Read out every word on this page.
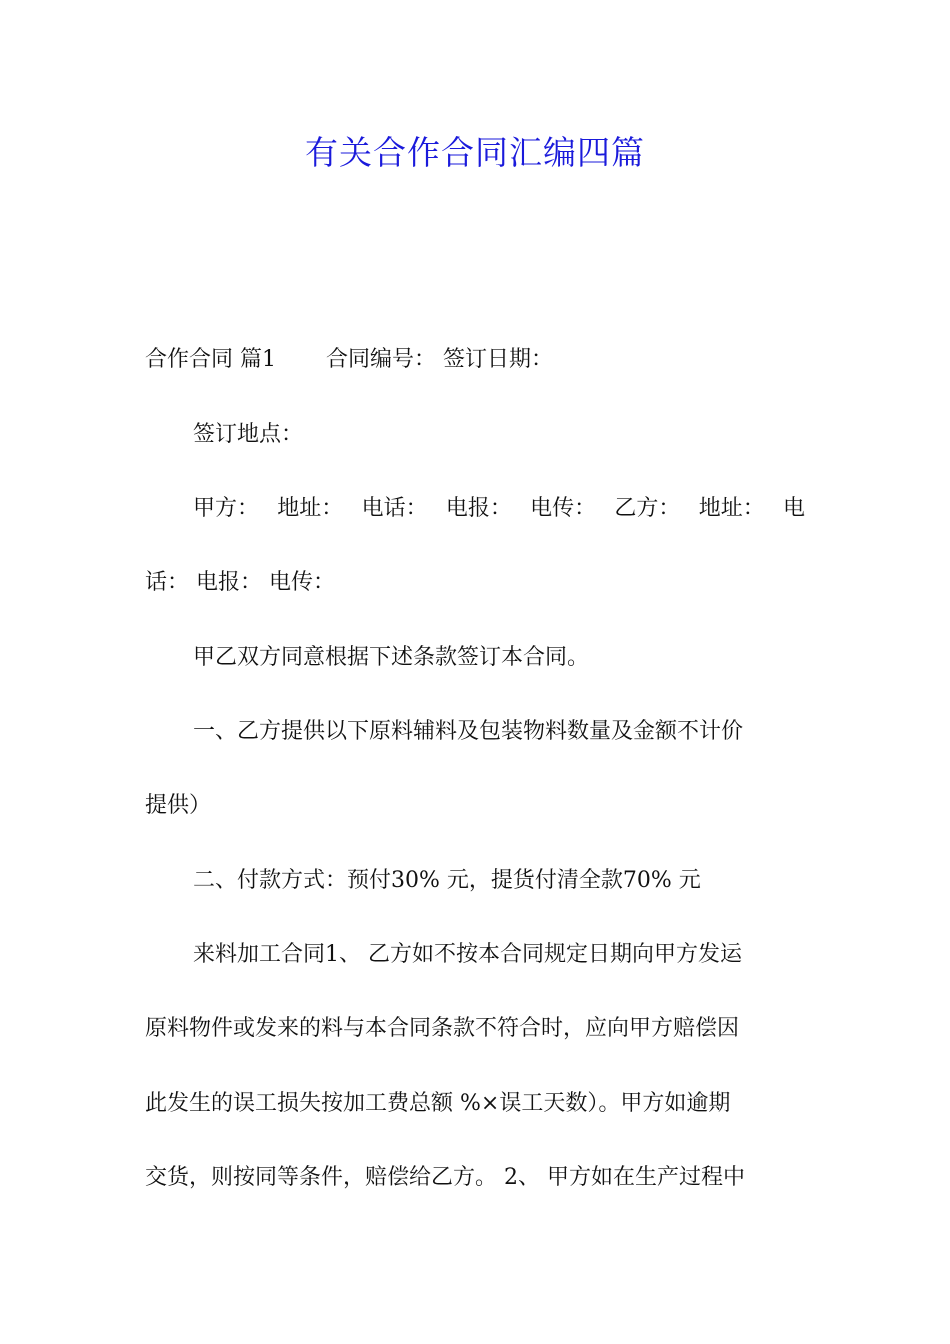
有关合作合同汇编四篇
合作合同 篇1 合同编号： 签订日期：
签订地点：
甲方： 地址： 电话： 电报： 电传： 乙方： 地址： 电
话： 电报： 电传：
甲乙双方同意根据下述条款签订本合同。
一、乙方提供以下原料辅料及包装物料数量及金额不计价
提供）
二、付款方式：预付30% 元，提货付清全款70% 元
来料加工合同1、 乙方如不按本合同规定日期向甲方发运
原料物件或发来的料与本合同条款不符合时，应向甲方赔偿因
此发生的误工损失按加工费总额 %×误工天数）。甲方如逾期
交货，则按同等条件，赔偿给乙方。 2、 甲方如在生产过程中
